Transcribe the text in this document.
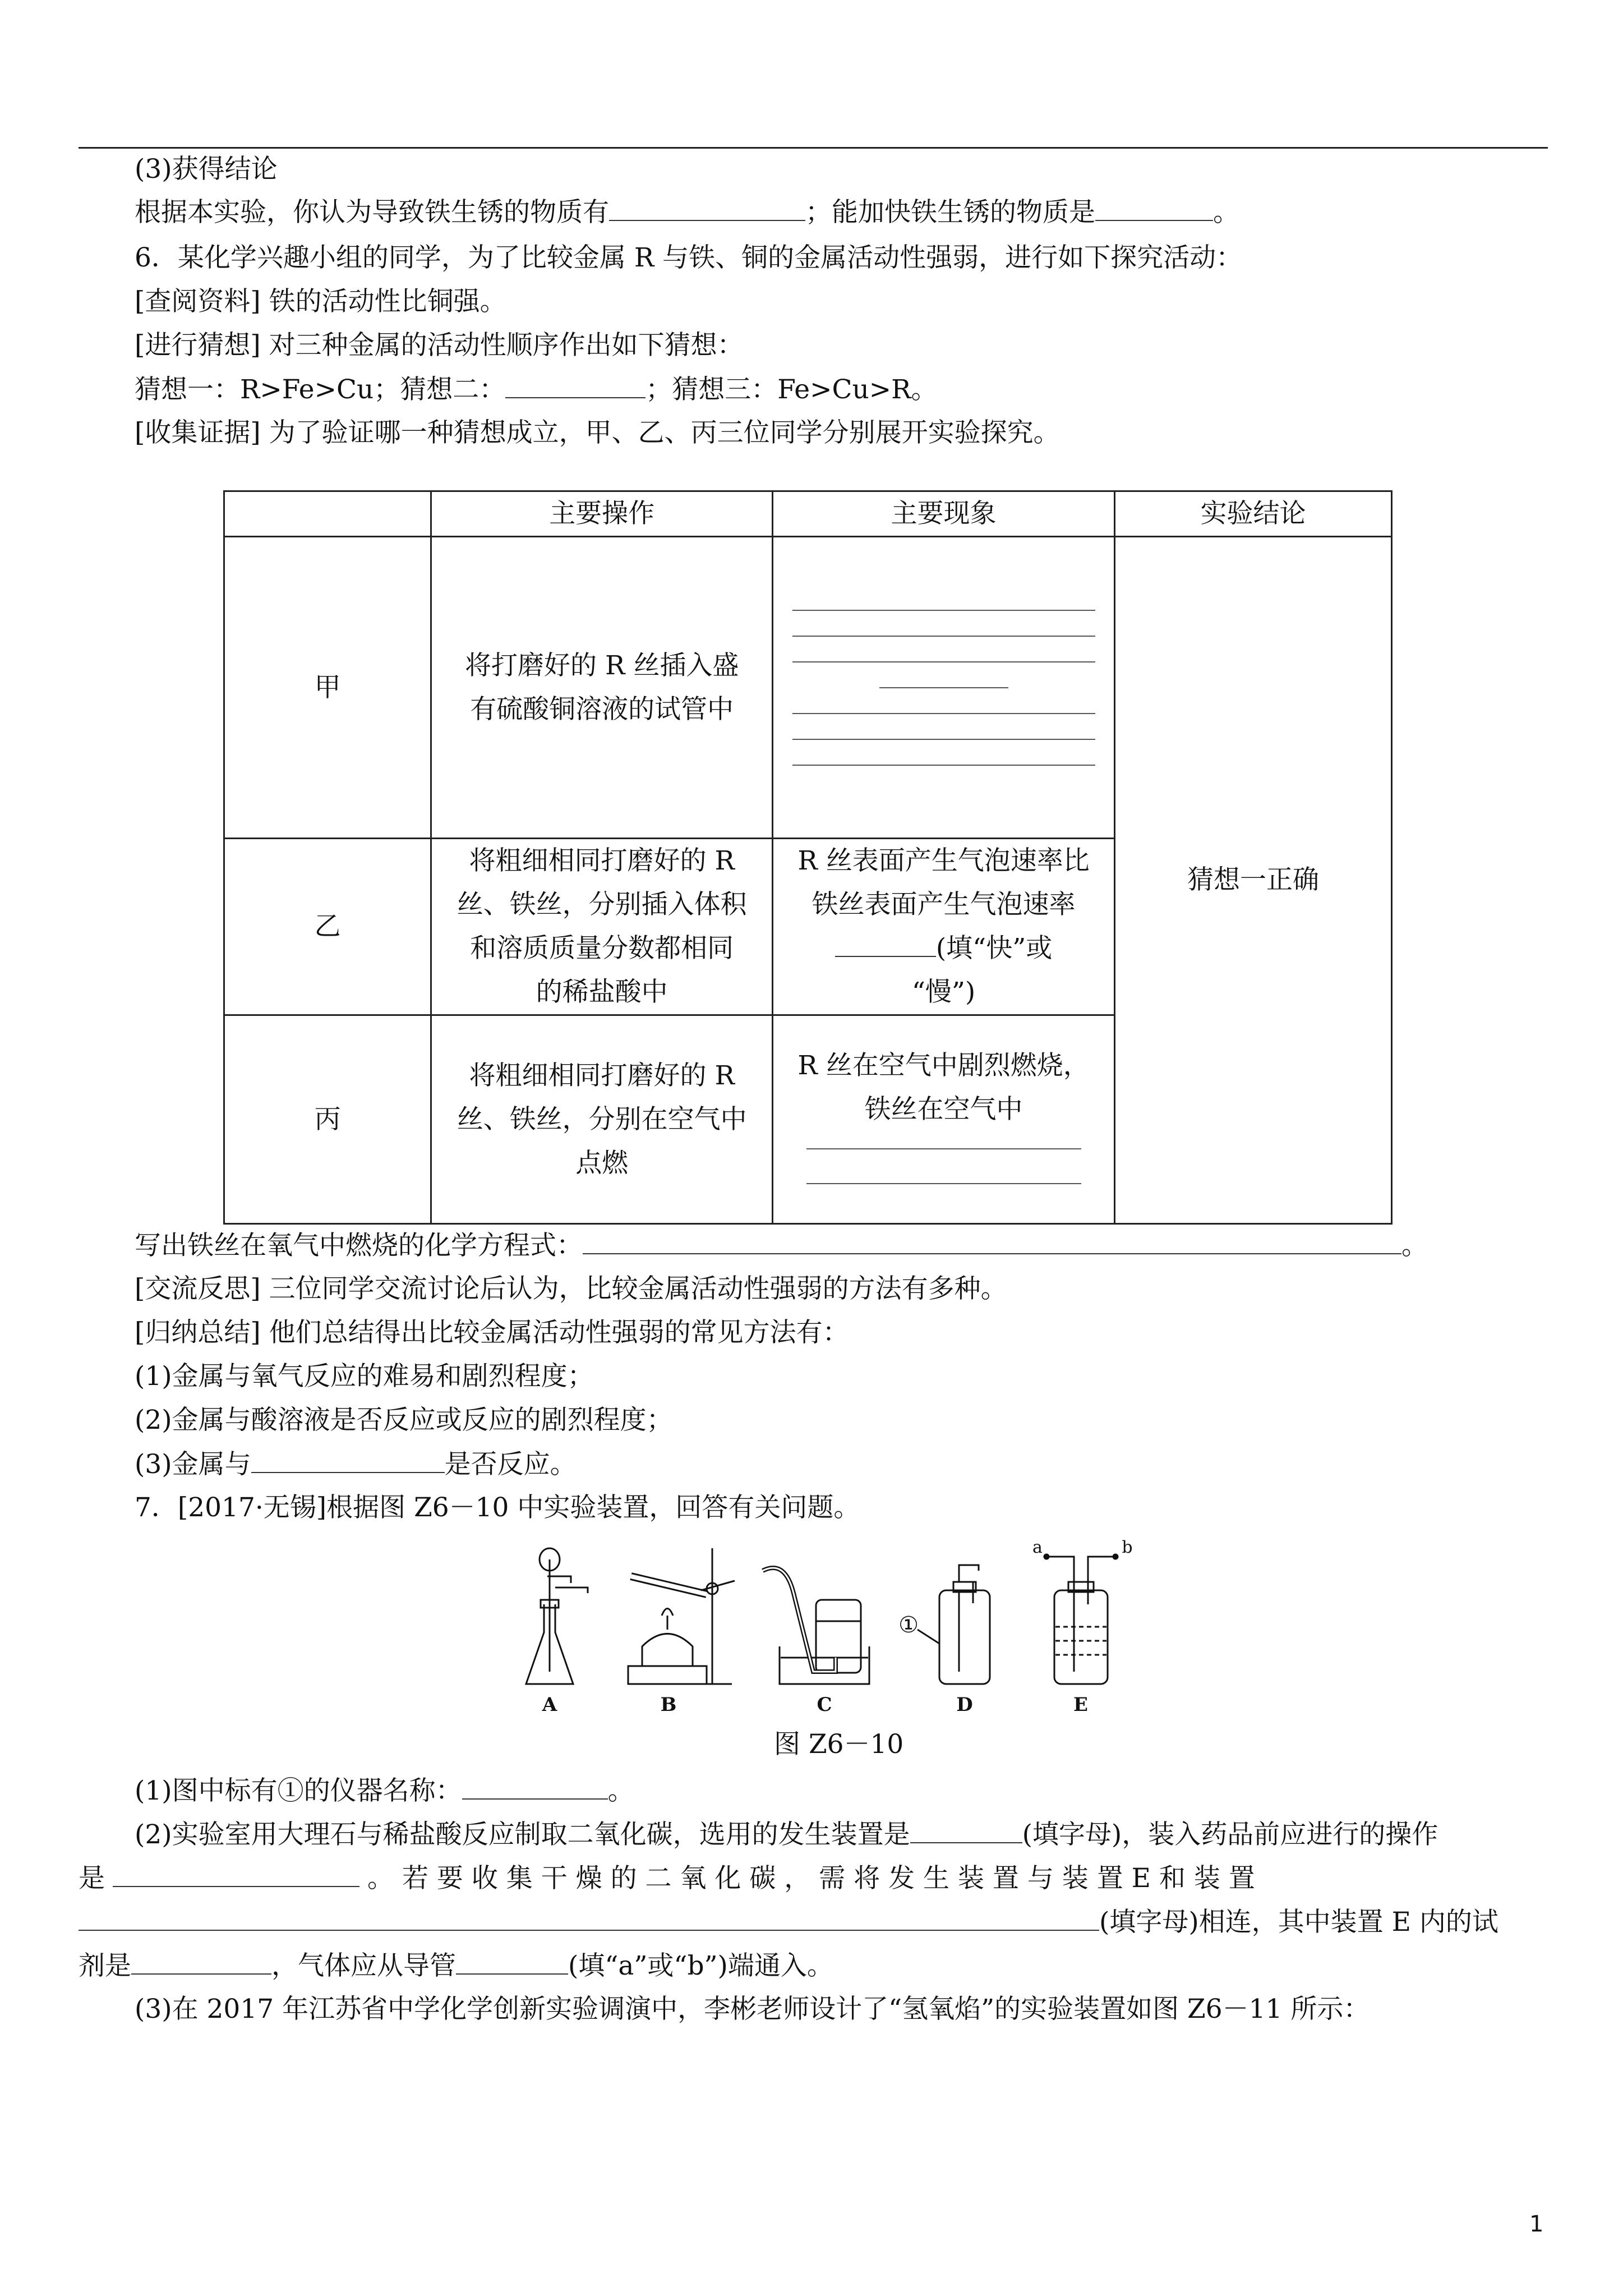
(3)获得结论
根据本实验，你认为导致铁生锈的物质有	；能加快铁生锈的物质是	。
6．某化学兴趣小组的同学，为了比较金属 R 与铁、铜的金属活动性强弱，进行如下探究活动：
[查阅资料] 铁的活动性比铜强。
[进行猜想] 对三种金属的活动性顺序作出如下猜想：
猜想一：R>Fe>Cu；猜想二：	；猜想三：Fe>Cu>R。
[收集证据] 为了验证哪一种猜想成立，甲、乙、丙三位同学分别展开实验探究。
	主要操作	主要现象	实验结论
甲	将打磨好的 R 丝插入盛
有硫酸铜溶液的试管中		猜想一正确
乙	将粗细相同打磨好的 R
丝、铁丝，分别插入体积
和溶质质量分数都相同
的稀盐酸中	R 丝表面产生气泡速率比
铁丝表面产生气泡速率
(填“快”或
“慢”)	

丙	将粗细相同打磨好的 R
丝、铁丝，分别在空气中
点燃	R 丝在空气中剧烈燃烧，
铁丝在空气中	
写出铁丝在氧气中燃烧的化学方程式：	。
[交流反思] 三位同学交流讨论后认为，比较金属活动性强弱的方法有多种。
[归纳总结] 他们总结得出比较金属活动性强弱的常见方法有：
(1)金属与氧气反应的难易和剧烈程度；
(2)金属与酸溶液是否反应或反应的剧烈程度；
(3)金属与	是否反应。
7．[2017·无锡]根据图 Z6－10 中实验装置，回答有关问题。
A	B	C	D	E
①
a	b
图 Z6－10
(1)图中标有①的仪器名称：	。
(2)实验室用大理石与稀盐酸反应制取二氧化碳，选用的发生装置是	(填字母)，装入药品前应进行的操作
是	。 若 要 收 集 干 燥 的 二 氧 化 碳 ， 需 将 发 生 装 置 与 装 置 E 和 装 置
(填字母)相连，其中装置 E 内的试
剂是	，气体应从导管	(填“a”或“b”)端通入。
(3)在 2017 年江苏省中学化学创新实验调演中，李彬老师设计了“氢氧焰”的实验装置如图 Z6－11 所示：
1
